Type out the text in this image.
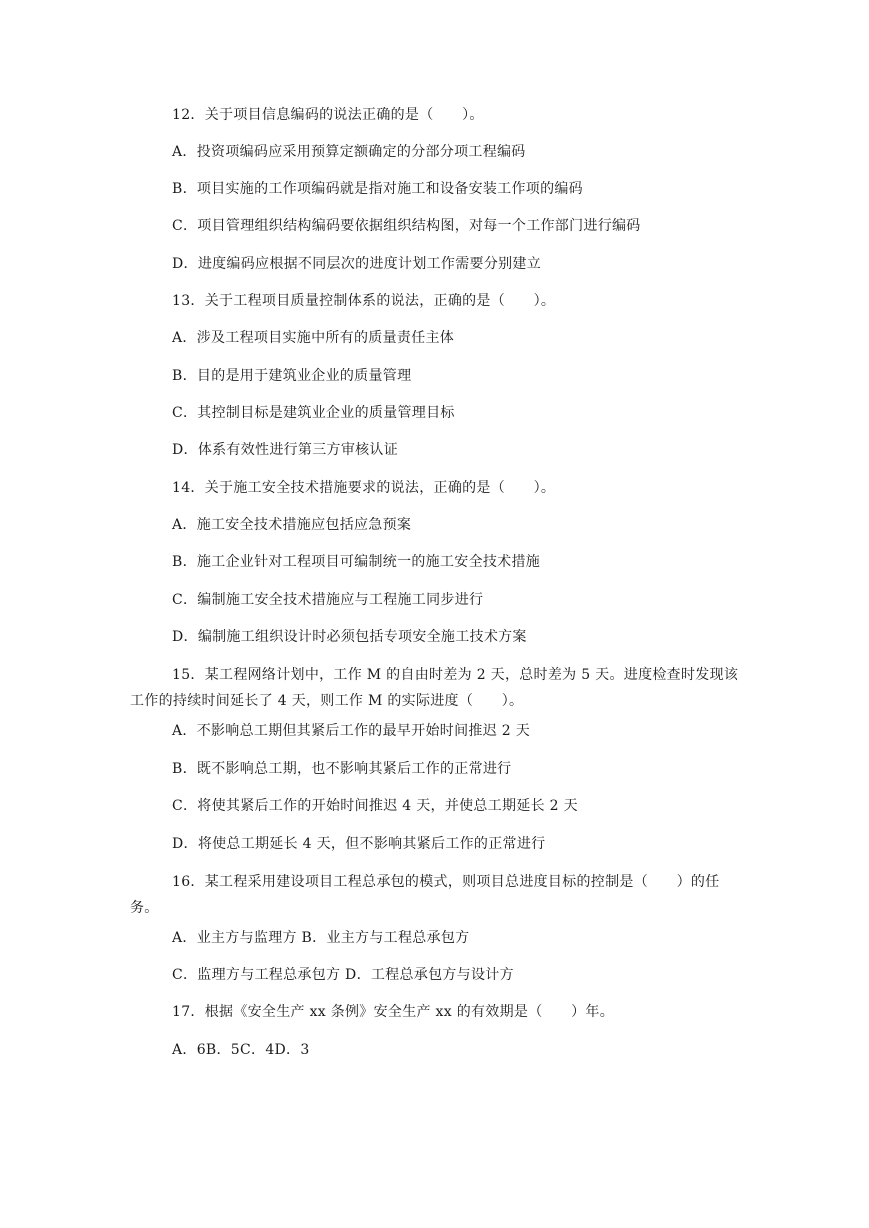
12．关于项目信息编码的说法正确的是（　　）。
A．投资项编码应采用预算定额确定的分部分项工程编码
B．项目实施的工作项编码就是指对施工和设备安装工作项的编码
C．项目管理组织结构编码要依据组织结构图，对每一个工作部门进行编码
D．进度编码应根据不同层次的进度计划工作需要分别建立
13．关于工程项目质量控制体系的说法，正确的是（　　）。
A．涉及工程项目实施中所有的质量责任主体
B．目的是用于建筑业企业的质量管理
C．其控制目标是建筑业企业的质量管理目标
D．体系有效性进行第三方审核认证
14．关于施工安全技术措施要求的说法，正确的是（　　）。
A．施工安全技术措施应包括应急预案
B．施工企业针对工程项目可编制统一的施工安全技术措施
C．编制施工安全技术措施应与工程施工同步进行
D．编制施工组织设计时必须包括专项安全施工技术方案
15．某工程网络计划中，工作 M 的自由时差为 2 天，总时差为 5 天。进度检查时发现该工作的持续时间延长了 4 天，则工作 M 的实际进度（　　）。
A．不影响总工期但其紧后工作的最早开始时间推迟 2 天
B．既不影响总工期，也不影响其紧后工作的正常进行
C．将使其紧后工作的开始时间推迟 4 天，并使总工期延长 2 天
D．将使总工期延长 4 天，但不影响其紧后工作的正常进行
16．某工程采用建设项目工程总承包的模式，则项目总进度目标的控制是（　　）的任务。
A．业主方与监理方 B．业主方与工程总承包方
C．监理方与工程总承包方 D．工程总承包方与设计方
17．根据《安全生产 xx 条例》安全生产 xx 的有效期是（　　）年。
A．6B．5C．4D．3
